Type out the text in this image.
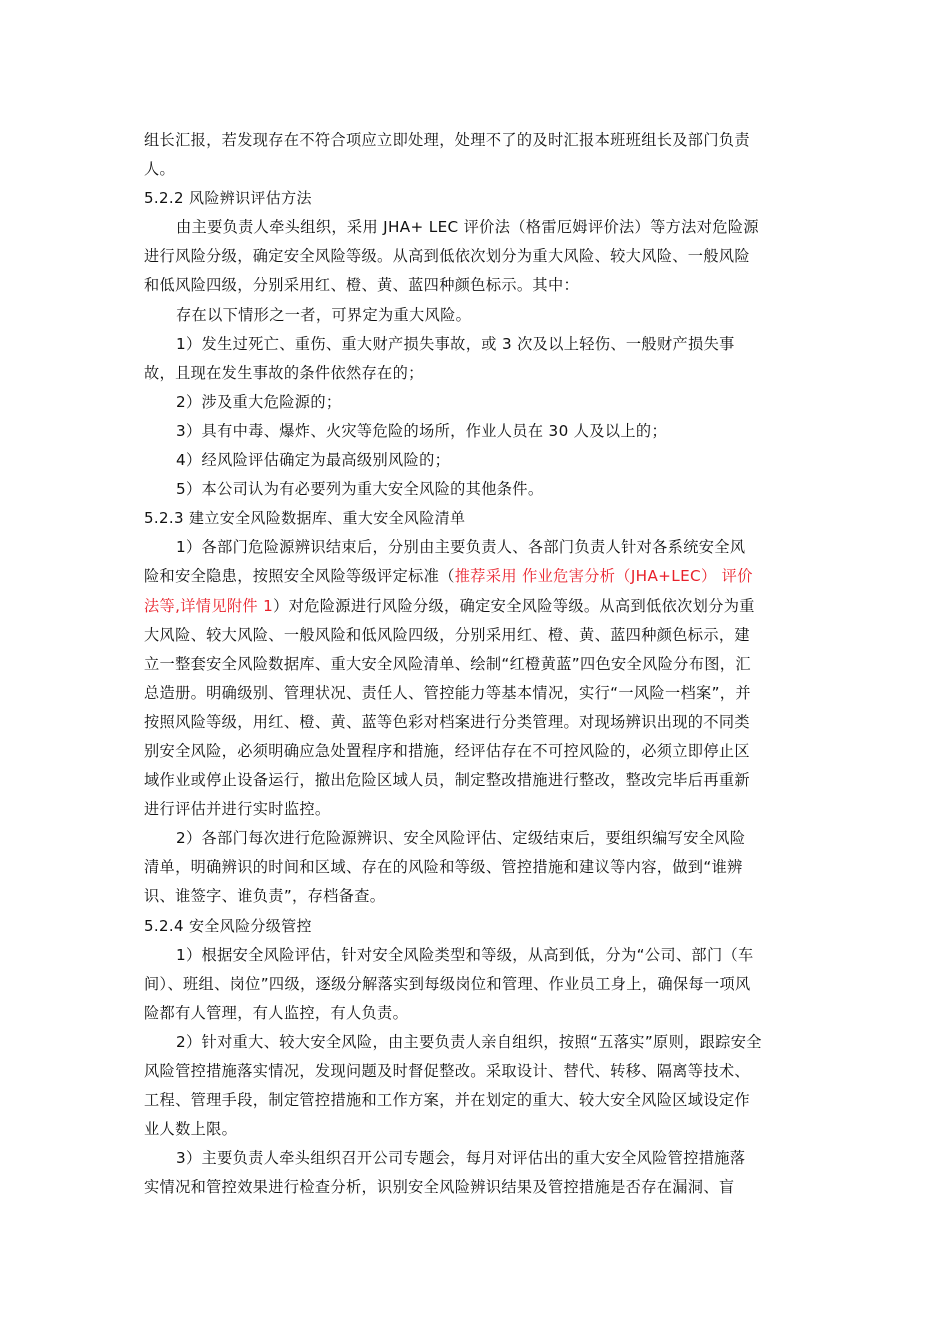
组长汇报，若发现存在不符合项应立即处理，处理不了的及时汇报本班班组长及部门负责
人。
5.2.2 风险辨识评估方法
由主要负责人牵头组织，采用 JHA+ LEC 评价法（格雷厄姆评价法）等方法对危险源
进行风险分级，确定安全风险等级。从高到低依次划分为重大风险、较大风险、一般风险
和低风险四级，分别采用红、橙、黄、蓝四种颜色标示。其中：
存在以下情形之一者，可界定为重大风险。
1）发生过死亡、重伤、重大财产损失事故，或 3 次及以上轻伤、一般财产损失事
故，且现在发生事故的条件依然存在的；
2）涉及重大危险源的；
3）具有中毒、爆炸、火灾等危险的场所，作业人员在 30 人及以上的；
4）经风险评估确定为最高级别风险的；
5）本公司认为有必要列为重大安全风险的其他条件。
5.2.3 建立安全风险数据库、重大安全风险清单
1）各部门危险源辨识结束后，分别由主要负责人、各部门负责人针对各系统安全风
险和安全隐患，按照安全风险等级评定标准（推荐采用 作业危害分析（JHA+LEC） 评价
法等,详情见附件 1）对危险源进行风险分级，确定安全风险等级。从高到低依次划分为重
大风险、较大风险、一般风险和低风险四级，分别采用红、橙、黄、蓝四种颜色标示，建
立一整套安全风险数据库、重大安全风险清单、绘制“红橙黄蓝”四色安全风险分布图，汇
总造册。明确级别、管理状况、责任人、管控能力等基本情况，实行“一风险一档案”，并
按照风险等级，用红、橙、黄、蓝等色彩对档案进行分类管理。对现场辨识出现的不同类
别安全风险，必须明确应急处置程序和措施，经评估存在不可控风险的，必须立即停止区
域作业或停止设备运行，撤出危险区域人员，制定整改措施进行整改，整改完毕后再重新
进行评估并进行实时监控。
2）各部门每次进行危险源辨识、安全风险评估、定级结束后，要组织编写安全风险
清单，明确辨识的时间和区域、存在的风险和等级、管控措施和建议等内容，做到“谁辨
识、谁签字、谁负责”，存档备查。
5.2.4 安全风险分级管控
1）根据安全风险评估，针对安全风险类型和等级，从高到低，分为“公司、部门（车
间）、班组、岗位”四级，逐级分解落实到每级岗位和管理、作业员工身上，确保每一项风
险都有人管理，有人监控，有人负责。
2）针对重大、较大安全风险，由主要负责人亲自组织，按照“五落实”原则，跟踪安全
风险管控措施落实情况，发现问题及时督促整改。采取设计、替代、转移、隔离等技术、
工程、管理手段，制定管控措施和工作方案，并在划定的重大、较大安全风险区域设定作
业人数上限。
3）主要负责人牵头组织召开公司专题会，每月对评估出的重大安全风险管控措施落
实情况和管控效果进行检查分析，识别安全风险辨识结果及管控措施是否存在漏洞、盲
